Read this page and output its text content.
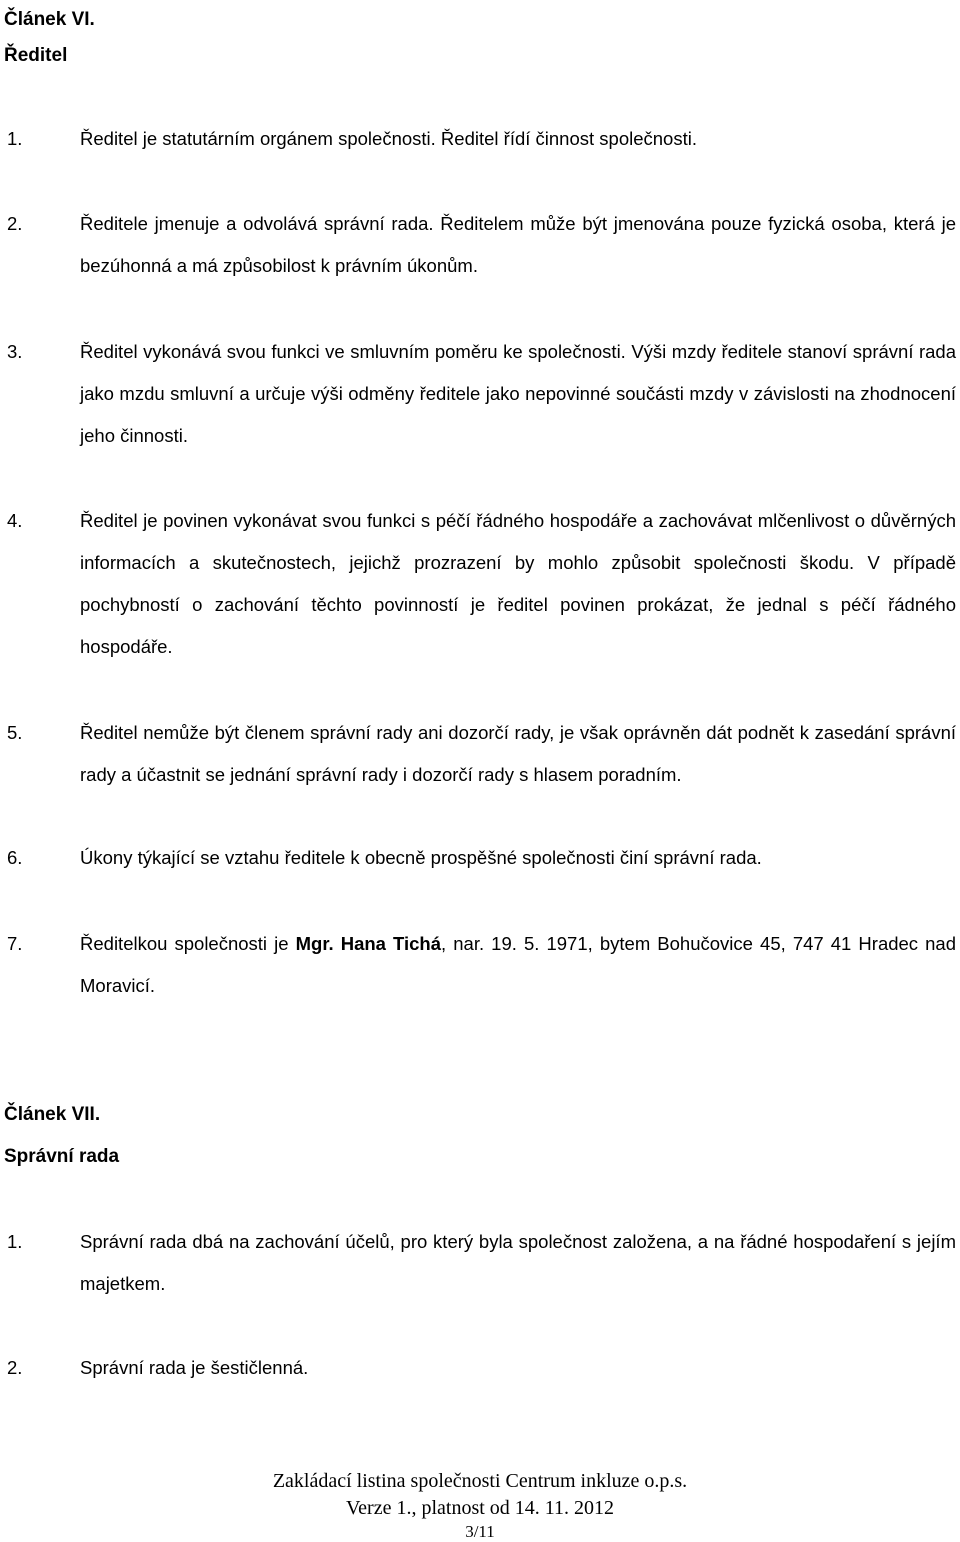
Článek VI.
Ředitel
1.	Ředitel je statutárním orgánem společnosti. Ředitel řídí činnost společnosti.
2.	Ředitele jmenuje a odvolává správní rada. Ředitelem může být jmenována pouze fyzická osoba, která je bezúhonná a má způsobilost k právním úkonům.
3.	Ředitel vykonává svou funkci ve smluvním poměru ke společnosti. Výši mzdy ředitele stanoví správní rada jako mzdu smluvní a určuje výši odměny ředitele jako nepovinné součásti mzdy v závislosti na zhodnocení jeho činnosti.
4.	Ředitel je povinen vykonávat svou funkci s péčí řádného hospodáře a zachovávat mlčenlivost o důvěrných informacích a skutečnostech, jejichž prozrazení by mohlo způsobit společnosti škodu. V případě pochybností o zachování těchto povinností je ředitel povinen prokázat, že jednal s péčí řádného hospodáře.
5.	Ředitel nemůže být členem správní rady ani dozorčí rady, je však oprávněn dát podnět k zasedání správní rady a účastnit se jednání správní rady i dozorčí rady s hlasem poradním.
6.	Úkony týkající se vztahu ředitele k obecně prospěšné společnosti činí správní rada.
7.	Ředitelkou společnosti je Mgr. Hana Tichá, nar. 19. 5. 1971, bytem Bohučovice 45, 747 41 Hradec nad Moravicí.
Článek VII.
Správní rada
1.	Správní rada dbá na zachování účelů, pro který byla společnost založena, a na řádné hospodaření s jejím majetkem.
2.	Správní rada je šestičlenná.
Zakládací listina společnosti Centrum inkluze o.p.s.
Verze 1., platnost od 14. 11. 2012
3/11
